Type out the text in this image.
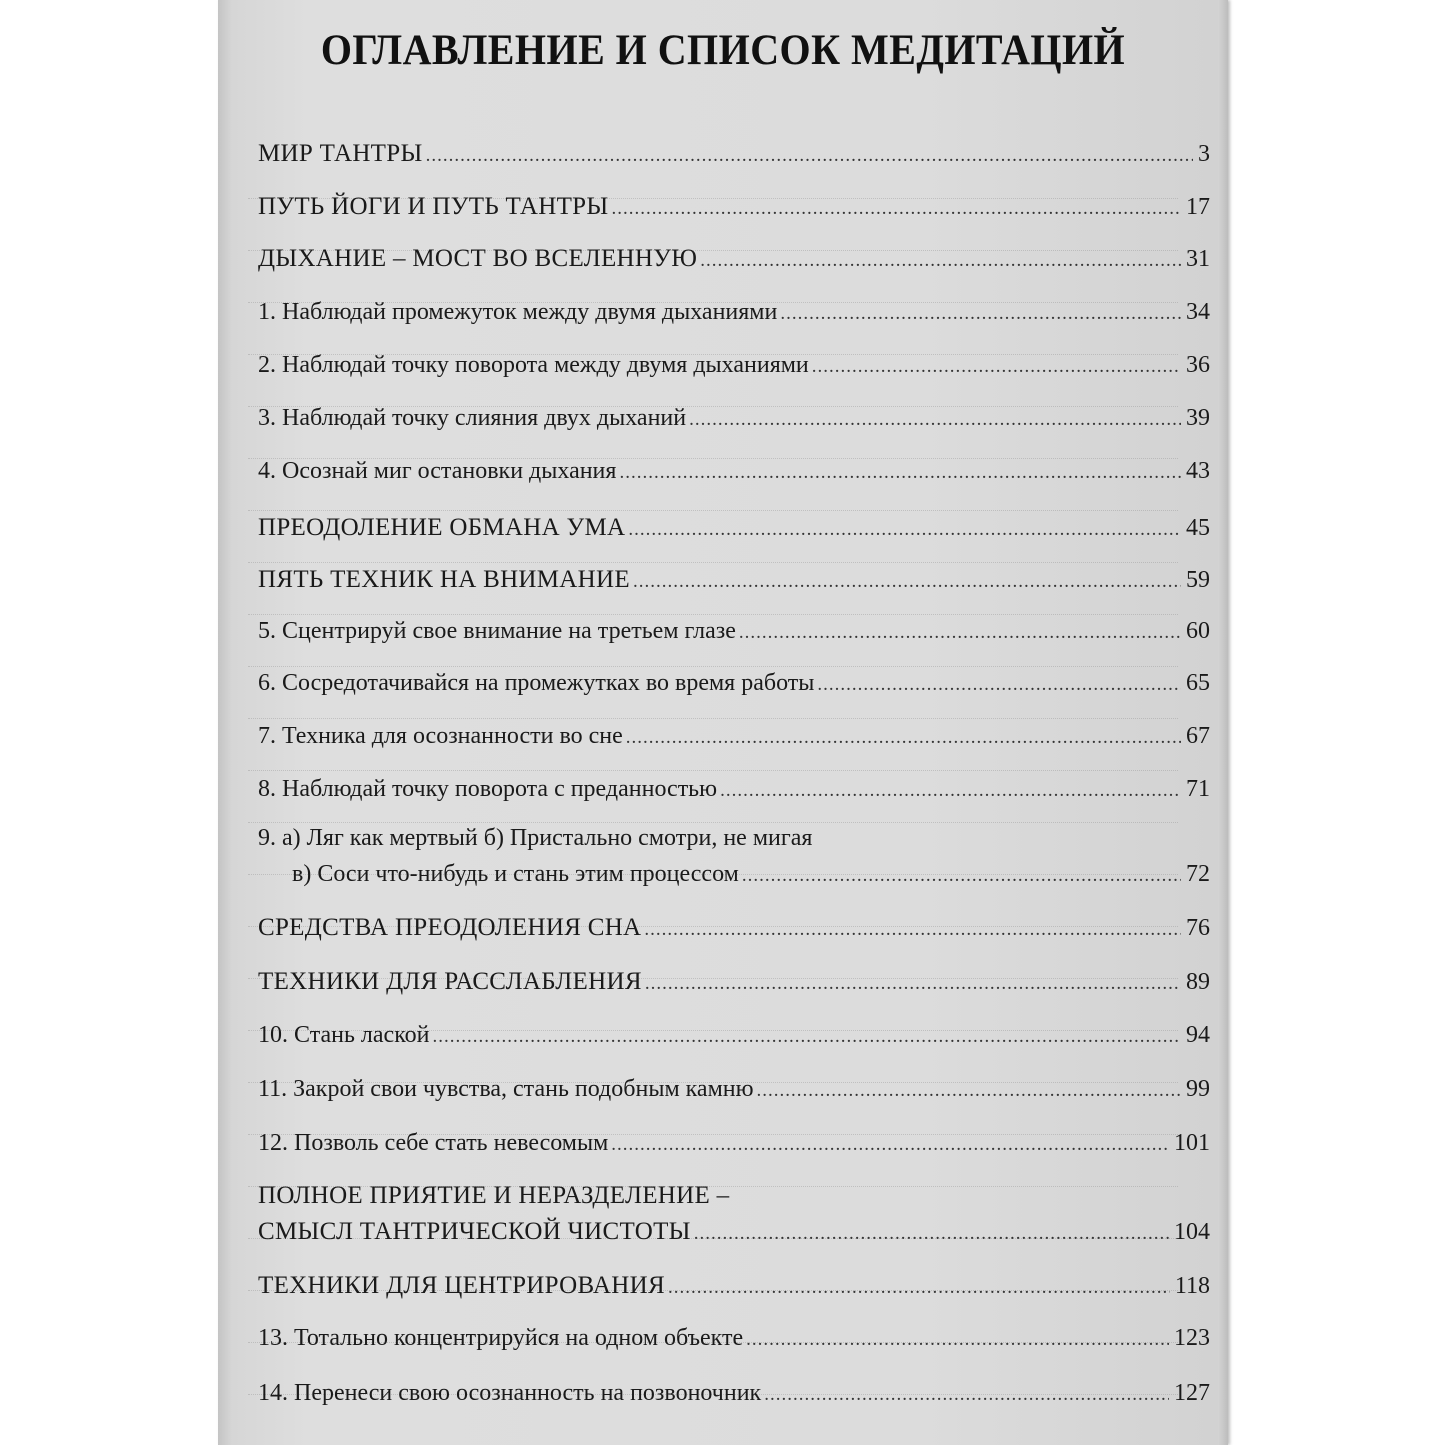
ОГЛАВЛЕНИЕ И СПИСОК МЕДИТАЦИЙ
МИР ТАНТРЫ .....	3
ПУТЬ ЙОГИ И ПУТЬ ТАНТРЫ .....	17
ДЫХАНИЕ – МОСТ ВО ВСЕЛЕННУЮ .....	31
1. Наблюдай промежуток между двумя дыханиями .....	34
2. Наблюдай точку поворота между двумя дыханиями .....	36
3. Наблюдай точку слияния двух дыханий .....	39
4. Осознай миг остановки дыхания .....	43
ПРЕОДОЛЕНИЕ ОБМАНА УМА .....	45
ПЯТЬ ТЕХНИК НА ВНИМАНИЕ .....	59
5. Сцентрируй свое внимание на третьем глазе .....	60
6. Сосредотачивайся на промежутках во время работы .....	65
7. Техника для осознанности во сне .....	67
8. Наблюдай точку поворота с преданностью .....	71
9. а) Ляг как мертвый б) Пристально смотри, не мигая
в) Соси что-нибудь и стань этим процессом .....	72
СРЕДСТВА ПРЕОДОЛЕНИЯ СНА .....	76
ТЕХНИКИ ДЛЯ РАССЛАБЛЕНИЯ .....	89
10. Стань лаской .....	94
11. Закрой свои чувства, стань подобным камню .....	99
12. Позволь себе стать невесомым .....	101
ПОЛНОЕ ПРИЯТИЕ И НЕРАЗДЕЛЕНИЕ –
СМЫСЛ ТАНТРИЧЕСКОЙ ЧИСТОТЫ .....	104
ТЕХНИКИ ДЛЯ ЦЕНТРИРОВАНИЯ .....	118
13. Тотально концентрируйся на одном объекте .....	123
14. Перенеси свою осознанность на позвоночник .....	127
